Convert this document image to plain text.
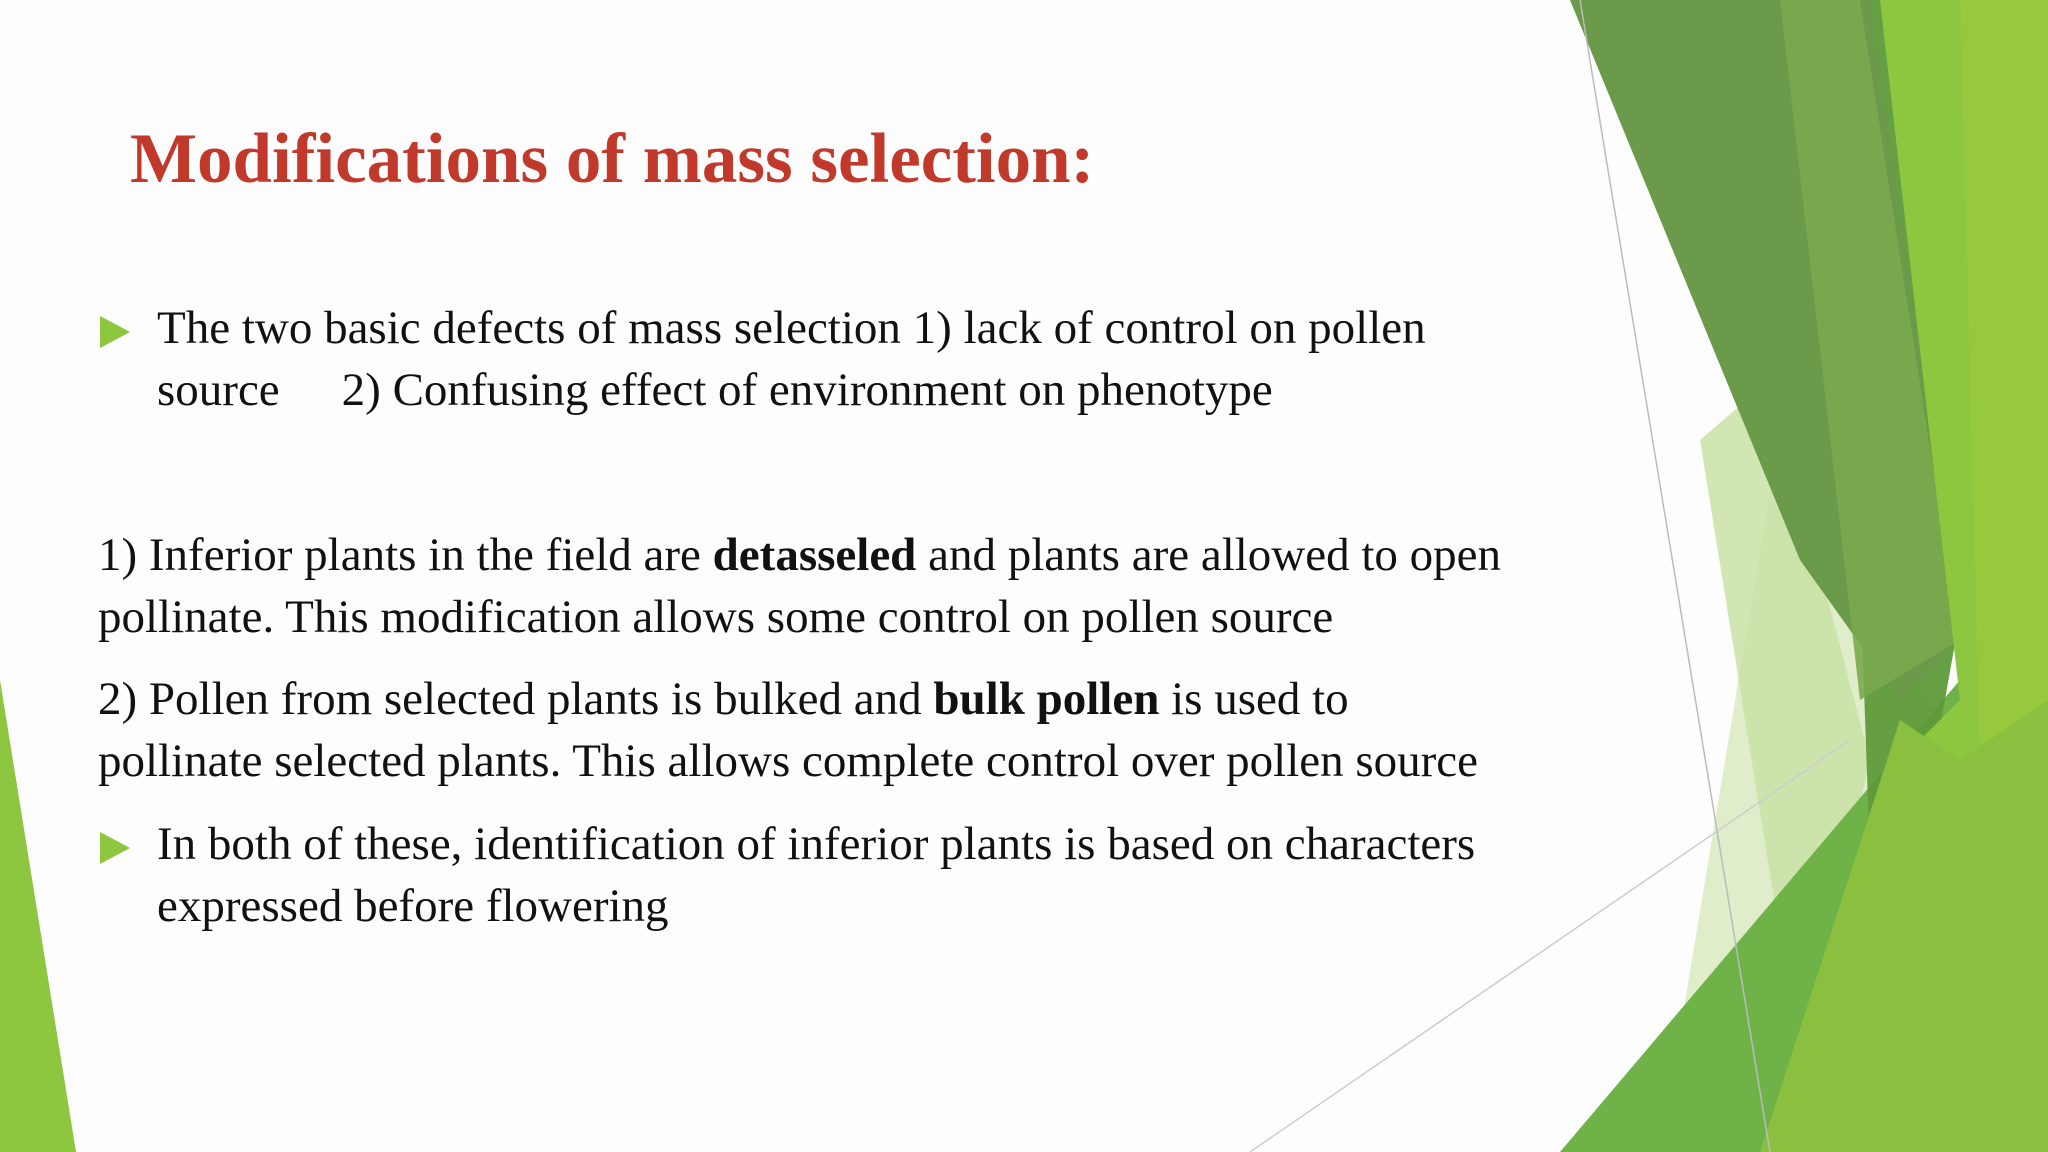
Modifications of mass selection:
The two basic defects of mass selection 1) lack of control on pollen
source 2) Confusing effect of environment on phenotype
1) Inferior plants in the field are detasseled and plants are allowed to open
pollinate. This modification allows some control on pollen source
2) Pollen from selected plants is bulked and bulk pollen is used to
pollinate selected plants. This allows complete control over pollen source
In both of these, identification of inferior plants is based on characters
expressed before flowering
